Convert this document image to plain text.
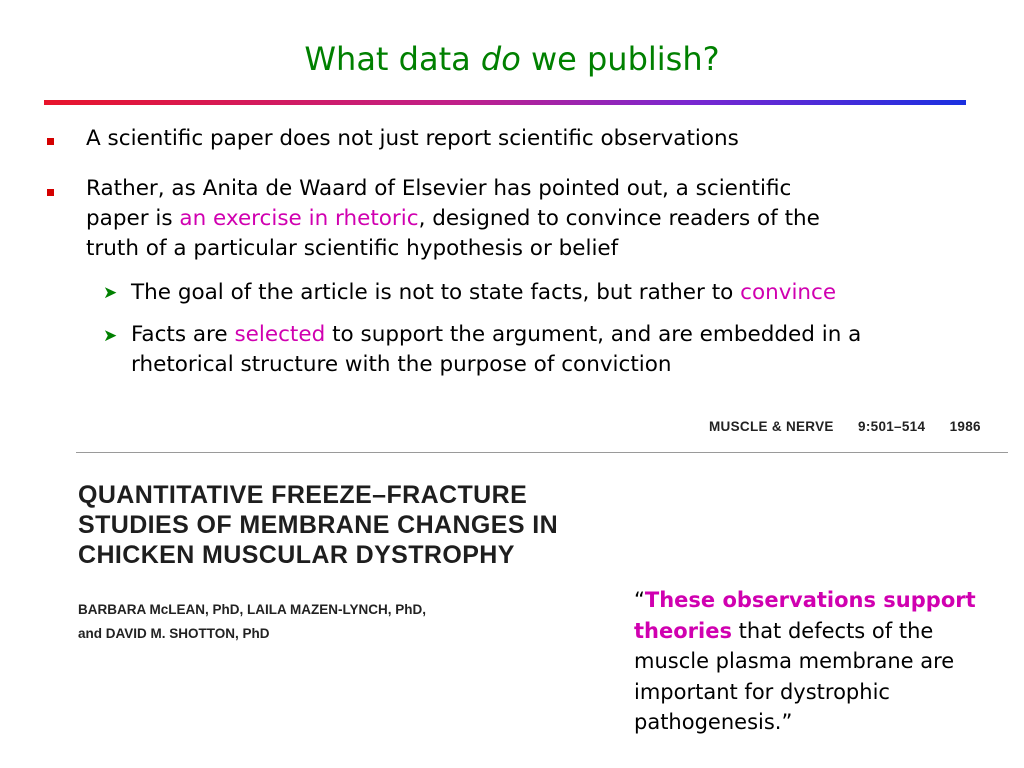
What data do we publish?
A scientific paper does not just report scientific observations
Rather, as Anita de Waard of Elsevier has pointed out, a scientific
paper is an exercise in rhetoric, designed to convince readers of the
truth of a particular scientific hypothesis or belief
➤ The goal of the article is not to state facts, but rather to convince
➤ Facts are selected to support the argument, and are embedded in a
rhetorical structure with the purpose of conviction
MUSCLE & NERVE 9:501–514 1986
QUANTITATIVE FREEZE–FRACTURE
STUDIES OF MEMBRANE CHANGES IN
CHICKEN MUSCULAR DYSTROPHY
BARBARA McLEAN, PhD, LAILA MAZEN-LYNCH, PhD,
and DAVID M. SHOTTON, PhD
“These observations support theories that defects of the muscle plasma membrane are important for dystrophic pathogenesis.”
